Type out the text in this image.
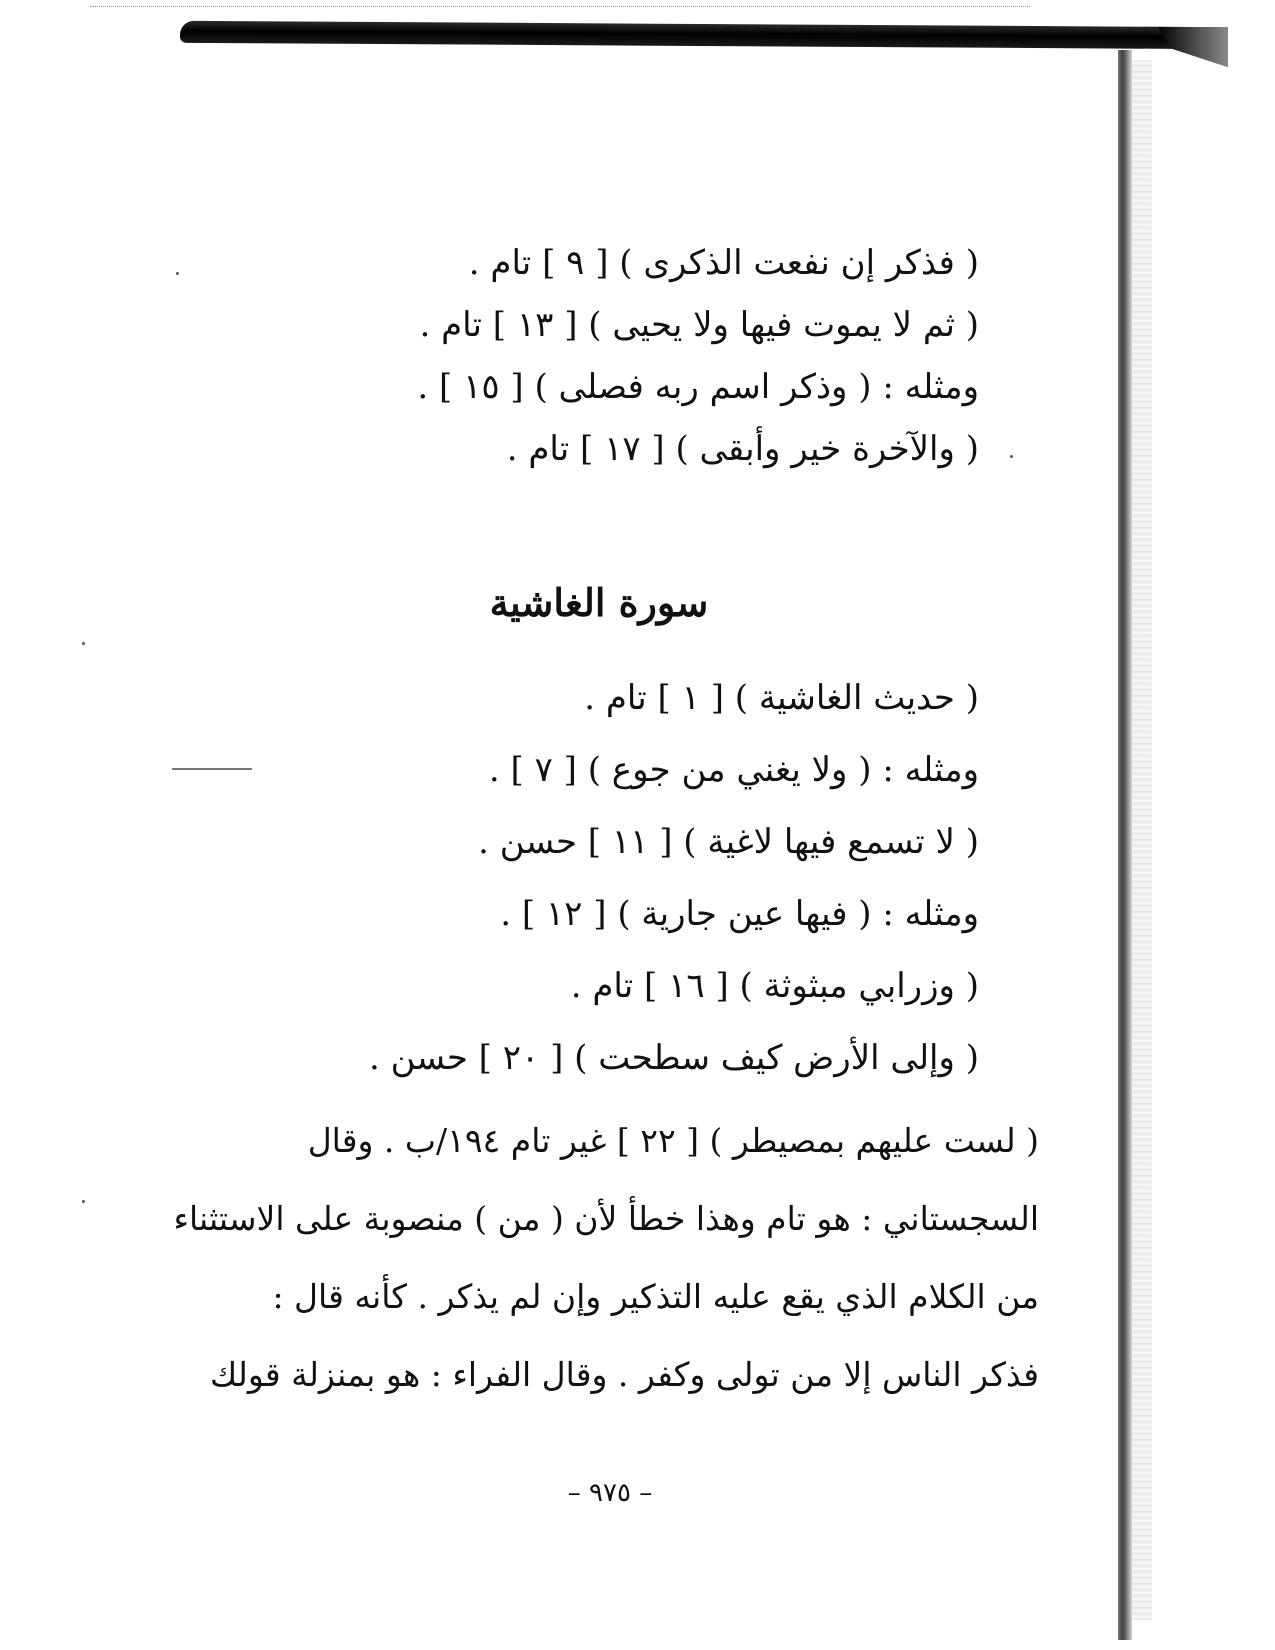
( فذكر إن نفعت الذكرى ) [ ٩ ] تام .
( ثم لا يموت فيها ولا يحيى ) [ ١٣ ] تام .
ومثله : ( وذكر اسم ربه فصلى ) [ ١٥ ] .
( والآخرة خير وأبقى ) [ ١٧ ] تام .
سورة الغاشية
( حديث الغاشية ) [ ١ ] تام .
ومثله : ( ولا يغني من جوع ) [ ٧ ] .
( لا تسمع فيها لاغية ) [ ١١ ] حسن .
ومثله : ( فيها عين جارية ) [ ١٢ ] .
( وزرابي مبثوثة ) [ ١٦ ] تام .
( وإلى الأرض كيف سطحت ) [ ٢٠ ] حسن .
( لست عليهم بمصيطر ) [ ٢٢ ] غير تام ١٩٤/ب . وقال
السجستاني : هو تام وهذا خطأ لأن ( من ) منصوبة على الاستثناء
من الكلام الذي يقع عليه التذكير وإن لم يذكر . كأنه قال :
فذكر الناس إلا من تولى وكفر . وقال الفراء : هو بمنزلة قولك
– ٩٧٥ –
